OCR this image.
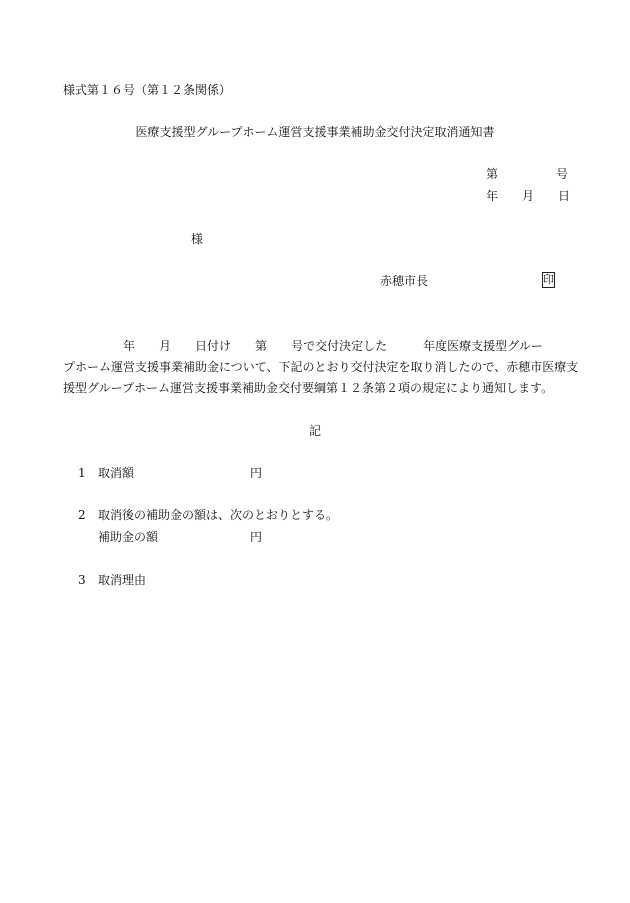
様式第１６号（第１２条関係）
医療支援型グループホーム運営支援事業補助金交付決定取消通知書
第	号
年 月 日
様
赤穂市長	印
年 月 日付け 第 号で交付決定した	年度医療支援型グルー
プホーム運営支援事業補助金について、下記のとおり交付決定を取り消したので、赤穂市医療支
援型グループホーム運営支援事業補助金交付要綱第１２条第２項の規定により通知します。
記
1 取消額	円
2 取消後の補助金の額は、次のとおりとする。
補助金の額	円
3 取消理由
